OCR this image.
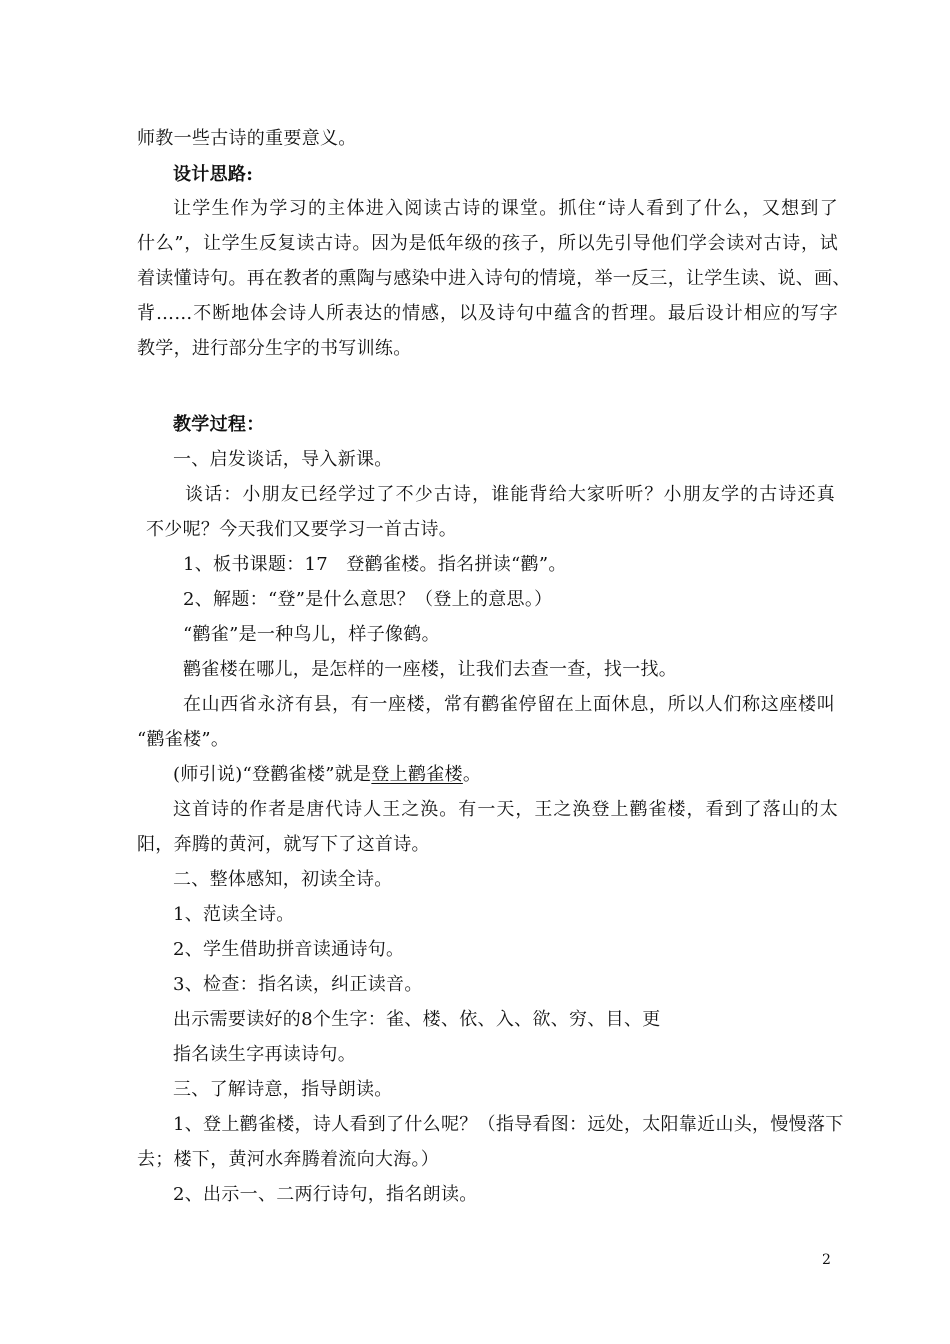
师教一些古诗的重要意义。
设计思路:
让学生作为学习的主体进入阅读古诗的课堂。抓住“诗人看到了什么，又想到了
什么”，让学生反复读古诗。因为是低年级的孩子，所以先引导他们学会读对古诗，试
着读懂诗句。再在教者的熏陶与感染中进入诗句的情境，举一反三，让学生读、说、画、
背……不断地体会诗人所表达的情感，以及诗句中蕴含的哲理。最后设计相应的写字
教学，进行部分生字的书写训练。
教学过程：
一、启发谈话，导入新课。
谈话：小朋友已经学过了不少古诗，谁能背给大家听听？小朋友学的古诗还真
不少呢？今天我们又要学习一首古诗。
1、板书课题：17　登鹳雀楼。指名拼读“鹳”。
2、解题：“登”是什么意思？（登上的意思。）
“鹳雀”是一种鸟儿，样子像鹤。
鹳雀楼在哪儿，是怎样的一座楼，让我们去查一查，找一找。
在山西省永济有县，有一座楼，常有鹳雀停留在上面休息，所以人们称这座楼叫
“鹳雀楼”。
(师引说)“登鹳雀楼”就是登上鹳雀楼。
这首诗的作者是唐代诗人王之涣。有一天，王之涣登上鹳雀楼，看到了落山的太
阳，奔腾的黄河，就写下了这首诗。
二、整体感知，初读全诗。
1、范读全诗。
2、学生借助拼音读通诗句。
3、检查：指名读，纠正读音。
出示需要读好的8个生字：雀、楼、依、入、欲、穷、目、更
指名读生字再读诗句。
三、了解诗意，指导朗读。
1、登上鹳雀楼，诗人看到了什么呢？（指导看图：远处，太阳靠近山头，慢慢落下
去；楼下，黄河水奔腾着流向大海。）
2、出示一、二两行诗句，指名朗读。
2
